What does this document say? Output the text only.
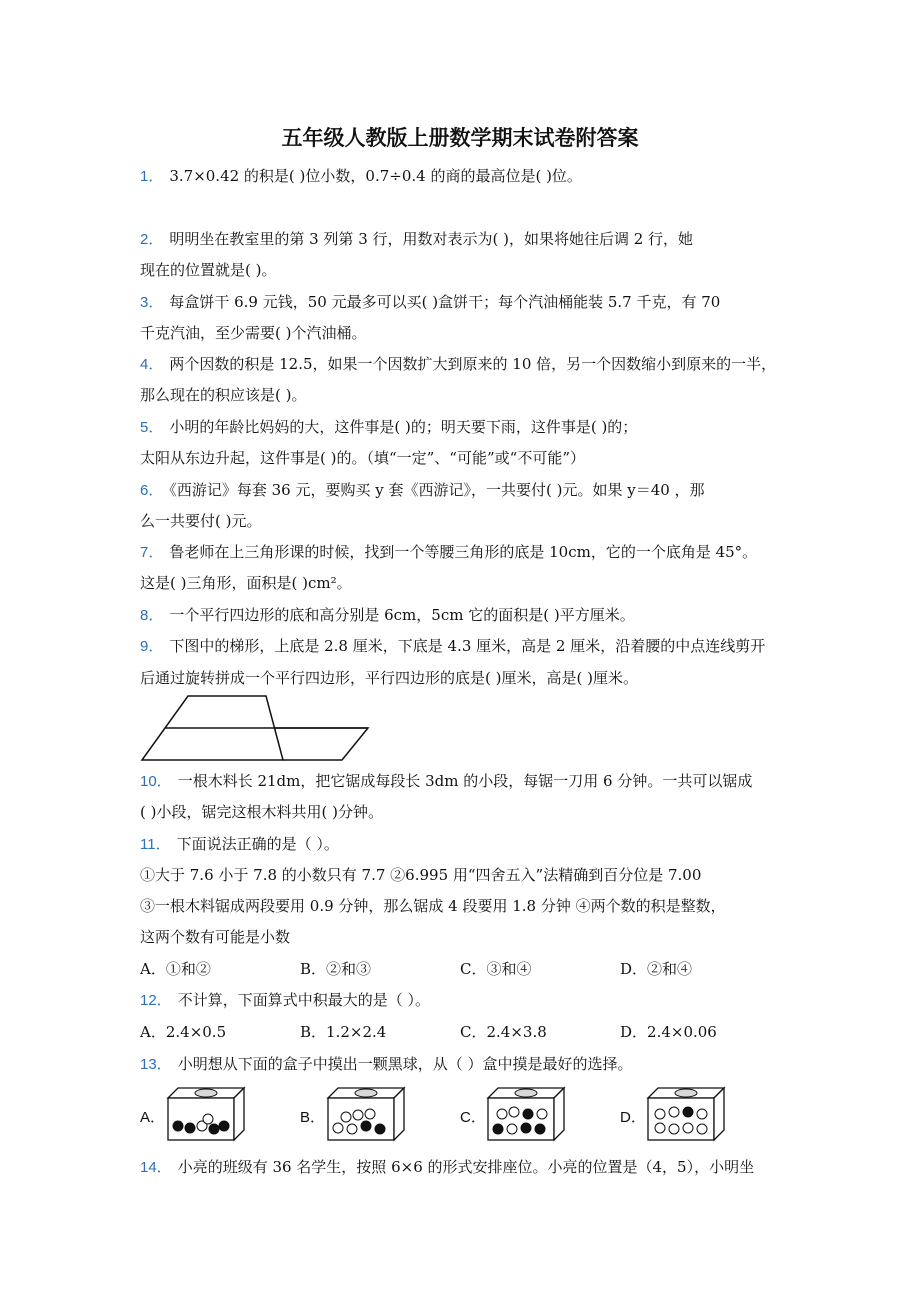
五年级人教版上册数学期末试卷附答案
1． 3.7×0.42 的积是( )位小数，0.7÷0.4 的商的最高位是( )位。
2． 明明坐在教室里的第 3 列第 3 行，用数对表示为( )，如果将她往后调 2 行，她
现在的位置就是( )。
3． 每盒饼干 6.9 元钱，50 元最多可以买( )盒饼干；每个汽油桶能装 5.7 千克，有 70
千克汽油，至少需要( )个汽油桶。
4． 两个因数的积是 12.5，如果一个因数扩大到原来的 10 倍，另一个因数缩小到原来的一半，
那么现在的积应该是( )。
5． 小明的年龄比妈妈的大，这件事是( )的；明天要下雨，这件事是( )的；
太阳从东边升起，这件事是( )的。（填“一定”、“可能”或“不可能”）
6． 《西游记》每套 36 元，要购买 y 套《西游记》，一共要付( )元。如果 y＝40 ，那
么一共要付( )元。
7． 鲁老师在上三角形课的时候，找到一个等腰三角形的底是 10cm，它的一个底角是 45°。
这是( )三角形，面积是( )cm²。
8． 一个平行四边形的底和高分别是 6cm，5cm 它的面积是( )平方厘米。
9． 下图中的梯形，上底是 2.8 厘米，下底是 4.3 厘米，高是 2 厘米，沿着腰的中点连线剪开
后通过旋转拼成一个平行四边形，平行四边形的底是( )厘米，高是( )厘米。
10． 一根木料长 21dm，把它锯成每段长 3dm 的小段，每锯一刀用 6 分钟。一共可以锯成
( )小段，锯完这根木料共用( )分钟。
11． 下面说法正确的是（ ）。
①大于 7.6 小于 7.8 的小数只有 7.7 ②6.995 用“四舍五入”法精确到百分位是 7.00
③一根木料锯成两段要用 0.9 分钟，那么锯成 4 段要用 1.8 分钟 ④两个数的积是整数，
这两个数有可能是小数
A．①和②	B．②和③	C．③和④	D．②和④
12． 不计算，下面算式中积最大的是（ ）。
A．2.4×0.5	B．1.2×2.4	C．2.4×3.8	D．2.4×0.06
13． 小明想从下面的盒子中摸出一颗黑球，从（ ）盒中摸是最好的选择。
A．	B．	C．	D．
14． 小亮的班级有 36 名学生，按照 6×6 的形式安排座位。小亮的位置是（4，5），小明坐
